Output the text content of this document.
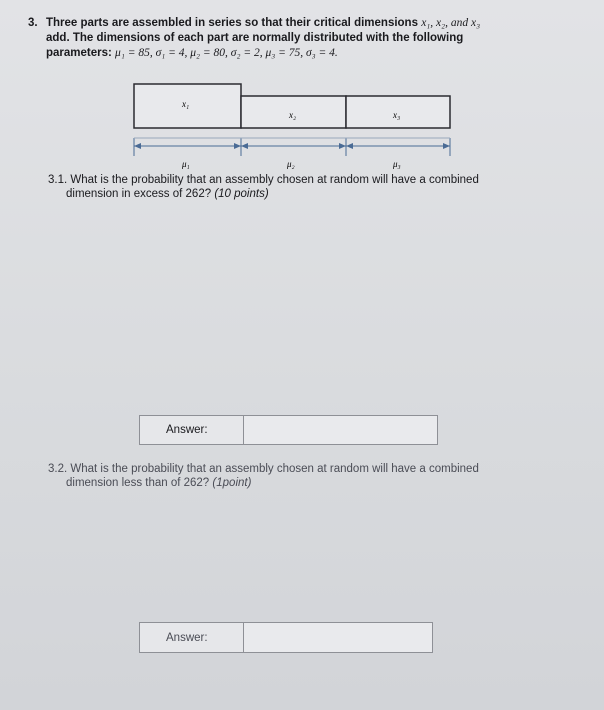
3. Three parts are assembled in series so that their critical dimensions x₁, x₂, and x₃
add. The dimensions of each part are normally distributed with the following
parameters: μ₁ = 85, σ₁ = 4, μ₂ = 80, σ₂ = 2, μ₃ = 75, σ₃ = 4.
x₁
x₂	x₃
μ₁	μ₂	μ₃
3.1. What is the probability that an assembly chosen at random will have a combined
dimension in excess of 262? (10 points)
Answer:
3.2. What is the probability that an assembly chosen at random will have a combined
dimension less than of 262? (1point)
Answer:
